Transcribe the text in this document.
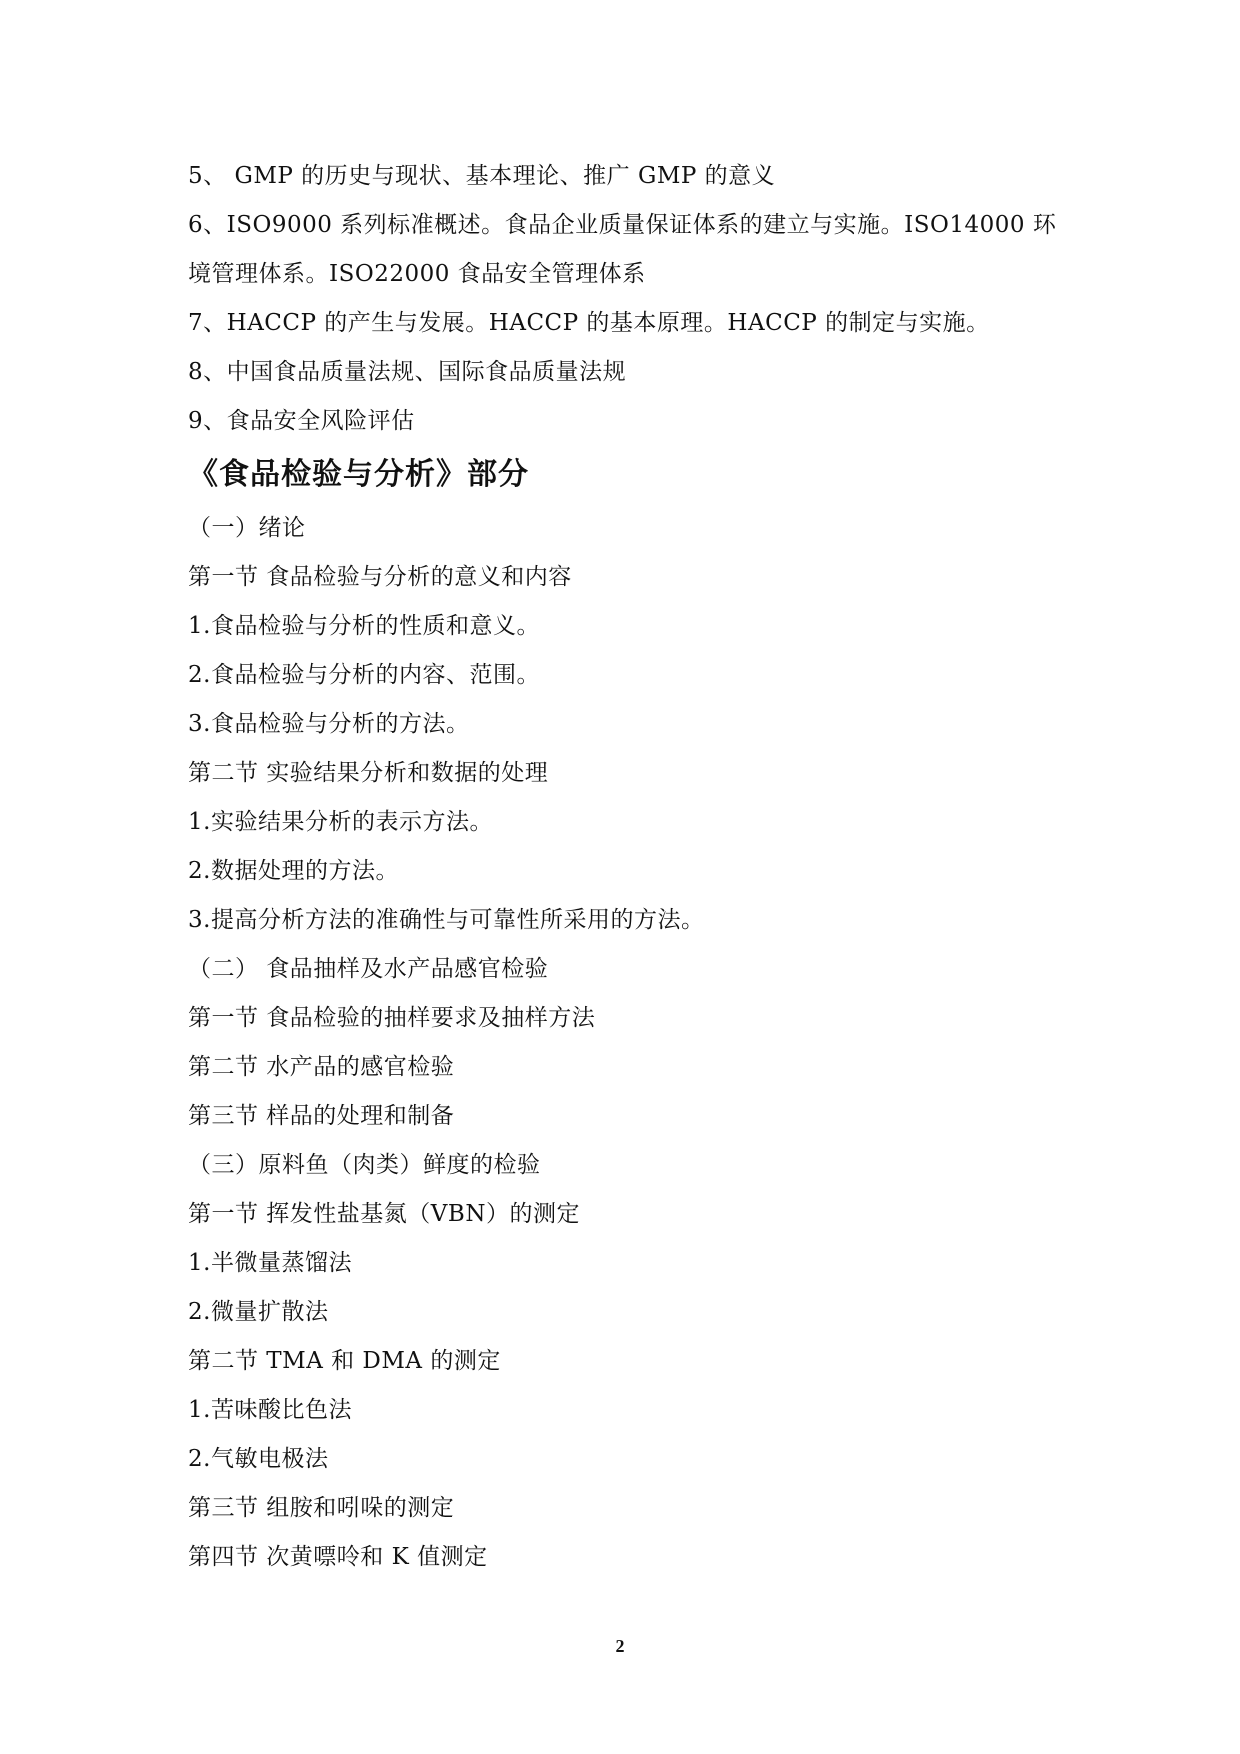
5、 GMP 的历史与现状、基本理论、推广 GMP 的意义
6、ISO9000 系列标准概述。食品企业质量保证体系的建立与实施。ISO14000 环
境管理体系。ISO22000 食品安全管理体系
7、HACCP 的产生与发展。HACCP 的基本原理。HACCP 的制定与实施。
8、中国食品质量法规、国际食品质量法规
9、食品安全风险评估
《食品检验与分析》部分
（一）绪论
第一节 食品检验与分析的意义和内容
1.食品检验与分析的性质和意义。
2.食品检验与分析的内容、范围。
3.食品检验与分析的方法。
第二节 实验结果分析和数据的处理
1.实验结果分析的表示方法。
2.数据处理的方法。
3.提高分析方法的准确性与可靠性所采用的方法。
（二） 食品抽样及水产品感官检验
第一节 食品检验的抽样要求及抽样方法
第二节 水产品的感官检验
第三节 样品的处理和制备
（三）原料鱼（肉类）鲜度的检验
第一节 挥发性盐基氮（VBN）的测定
1.半微量蒸馏法
2.微量扩散法
第二节 TMA 和 DMA 的测定
1.苦味酸比色法
2.气敏电极法
第三节 组胺和吲哚的测定
第四节 次黄嘌呤和 K 值测定
2
